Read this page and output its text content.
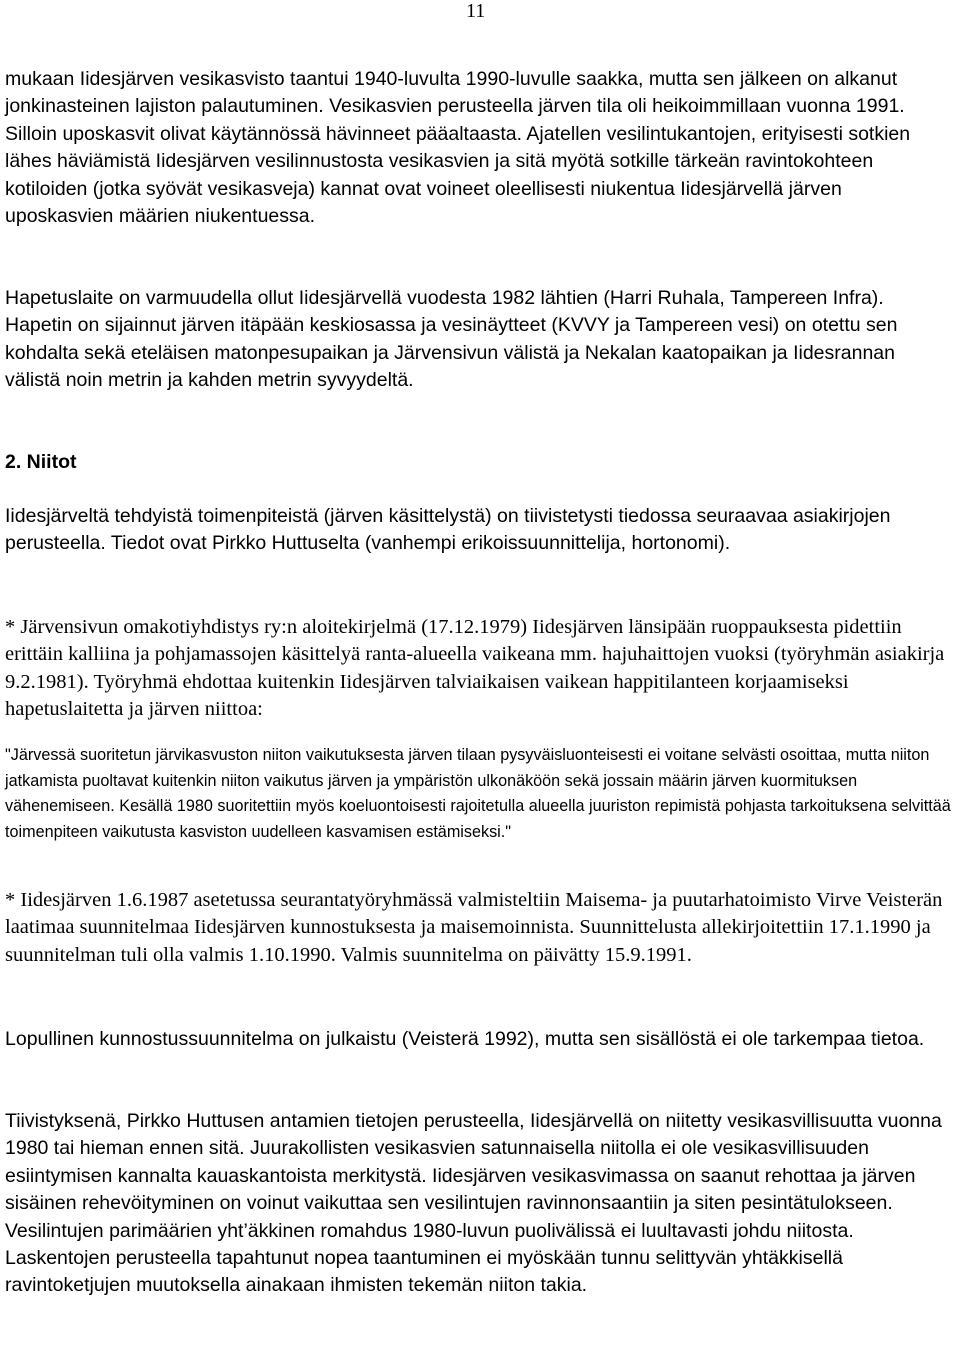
11

mukaan Iidesjärven vesikasvisto taantui 1940-luvulta 1990-luvulle saakka, mutta sen jälkeen on alkanut jonkinasteinen lajiston palautuminen. Vesikasvien perusteella järven tila oli heikoimmillaan vuonna 1991. Silloin uposkasvit olivat käytännössä hävinneet pääaltaasta. Ajatellen vesilintukantojen, erityisesti sotkien lähes häviämistä Iidesjärven vesilinnustosta vesikasvien ja sitä myötä sotkille tärkeän ravintokohteen kotiloiden (jotka syövät vesikasveja) kannat ovat voineet oleellisesti niukentua Iidesjärvellä järven uposkasvien määrien niukentuessa.

Hapetuslaite on varmuudella ollut Iidesjärvellä vuodesta 1982 lähtien (Harri Ruhala, Tampereen Infra). Hapetin on sijainnut järven itäpään keskiosassa ja vesinäytteet (KVVY ja Tampereen vesi) on otettu sen kohdalta sekä eteläisen matonpesupaikan ja Järvensivun välistä ja Nekalan kaatopaikan ja Iidesrannan välistä noin metrin ja kahden metrin syvyydeltä.

2. Niitot

Iidesjärveltä tehdyistä toimenpiteistä (järven käsittelystä) on tiivistetysti tiedossa seuraavaa asiakirjojen perusteella. Tiedot ovat Pirkko Huttuselta (vanhempi erikoissuunnittelija, hortonomi).

* Järvensivun omakotiyhdistys ry:n aloitekirjelmä (17.12.1979) Iidesjärven länsipään ruoppauksesta pidettiin erittäin kalliina ja pohjamassojen käsittelyä ranta-alueella vaikeana mm. hajuhaittojen vuoksi (työryhmän asiakirja 9.2.1981). Työryhmä ehdottaa kuitenkin Iidesjärven talviaikaisen vaikean happitilanteen korjaamiseksi hapetuslaitetta ja järven niittoa:

"Järvessä suoritetun järvikasvuston niiton vaikutuksesta järven tilaan pysyväisluonteisesti ei voitane selvästi osoittaa, mutta niiton jatkamista puoltavat kuitenkin niiton vaikutus järven ja ympäristön ulkonäköön sekä jossain määrin järven kuormituksen vähenemiseen. Kesällä 1980 suoritettiin myös koeluontoisesti rajoitetulla alueella juuriston repimistä pohjasta tarkoituksena selvittää toimenpiteen vaikutusta kasviston uudelleen kasvamisen estämiseksi."

* Iidesjärven 1.6.1987 asetetussa seurantatyöryhmässä valmisteltiin Maisema- ja puutarhatoimisto Virve Veisterän laatimaa suunnitelmaa Iidesjärven kunnostuksesta ja maisemoinnista. Suunnittelusta allekirjoitettiin 17.1.1990 ja suunnitelman tuli olla valmis 1.10.1990. Valmis suunnitelma on päivätty 15.9.1991.

Lopullinen kunnostussuunnitelma on julkaistu (Veisterä 1992), mutta sen sisällöstä ei ole tarkempaa tietoa.

Tiivistyksenä, Pirkko Huttusen antamien tietojen perusteella, Iidesjärvellä on niitetty vesikasvillisuutta vuonna 1980 tai hieman ennen sitä. Juurakollisten vesikasvien satunnaisella niitolla ei ole vesikasvillisuuden esiintymisen kannalta kauaskantoista merkitystä. Iidesjärven vesikasvimassa on saanut rehottaa ja järven sisäinen rehevöityminen on voinut vaikuttaa sen vesilintujen ravinnonsaantiin ja siten pesintätulokseen. Vesilintujen parimäärien yht’äkkinen romahdus 1980-luvun puolivälissä ei luultavasti johdu niitosta. Laskentojen perusteella tapahtunut nopea taantuminen ei myöskään tunnu selittyvän yhtäkkisellä ravintoketjujen muutoksella ainakaan ihmisten tekemän niiton takia.
